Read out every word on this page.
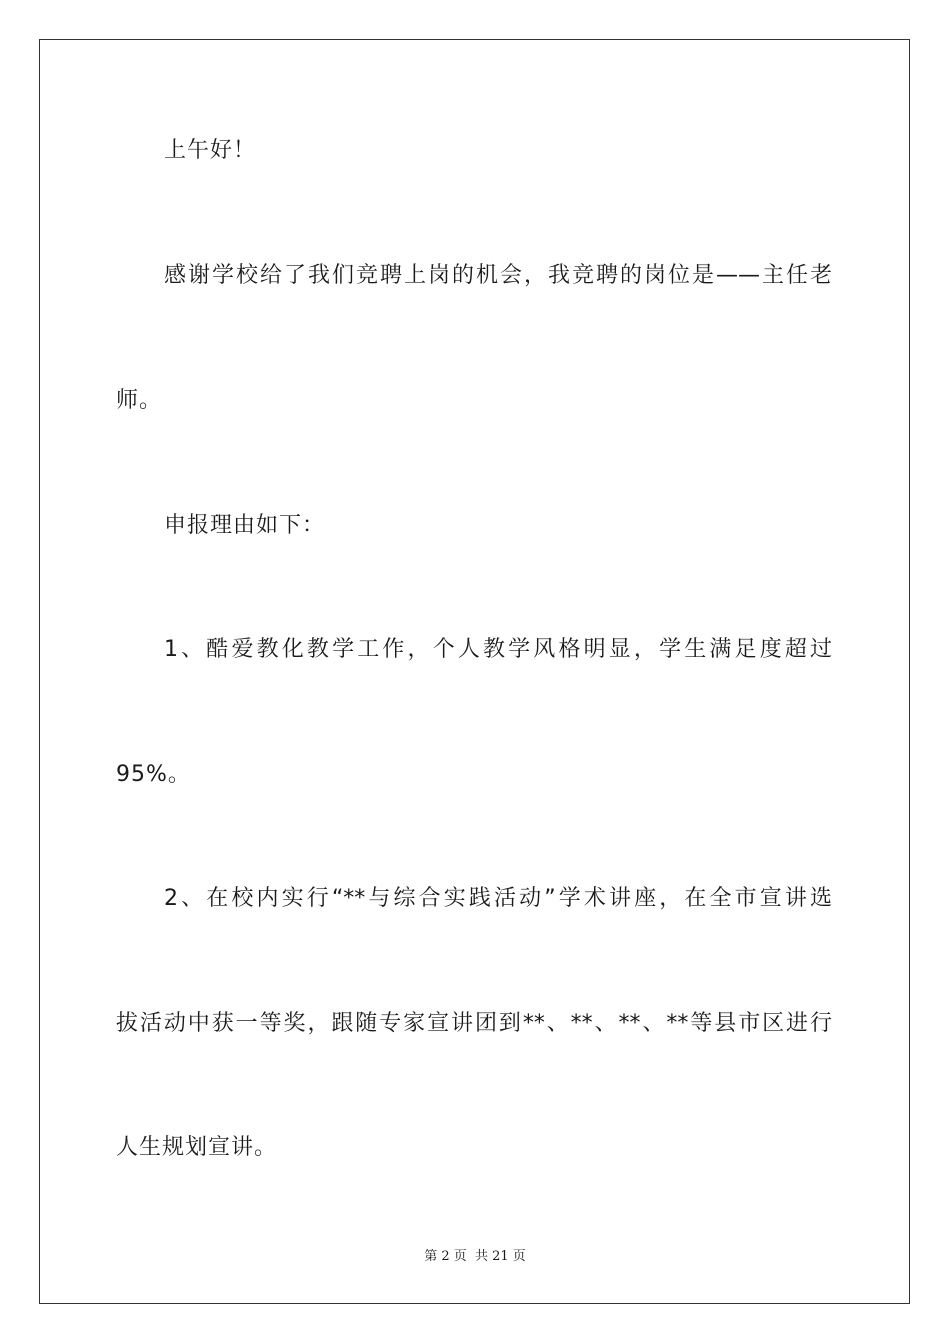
上午好！
感谢学校给了我们竞聘上岗的机会，我竞聘的岗位是——主任老
师。
申报理由如下：
1、酷爱教化教学工作，个人教学风格明显，学生满足度超过
95%。
2、在校内实行“**与综合实践活动”学术讲座，在全市宣讲选
拔活动中获一等奖，跟随专家宣讲团到**、**、**、**等县市区进行
人生规划宣讲。
第 2 页  共 21 页
